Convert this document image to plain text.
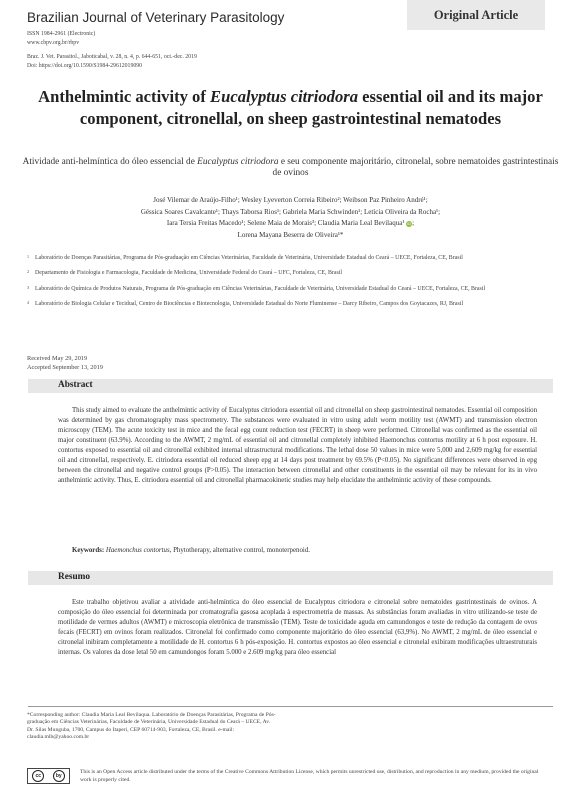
Brazilian Journal of Veterinary Parasitology	Original Article
ISSN 1984-2961 (Electronic)
www.cbpv.org.br/rbpv
Braz. J. Vet. Parasitol., Jaboticabal, v. 28, n. 4, p. 644-651, oct.-dec. 2019
Doi: https://doi.org/10.1590/S1984-29612019090
Anthelmintic activity of Eucalyptus citriodora essential oil and its major component, citronellal, on sheep gastrointestinal nematodes
Atividade anti-helmíntica do óleo essencial de Eucalyptus citriodora e seu componente majoritário, citronelal, sobre nematoides gastrintestinais de ovinos
José Vilemar de Araújo-Filho¹; Wesley Lyeverton Correia Ribeiro²; Weibson Paz Pinheiro André¹;
Géssica Soares Cavalcante¹; Thays Taborsa Rios¹; Gabriela Maria Schwinden¹; Letícia Oliveira da Rocha¹;
Iara Tersia Freitas Macedo¹; Selene Maia de Morais³; Claudia Maria Leal Bevilaqua¹ iD;
Lorena Mayana Beserra de Oliveira¹*
1 Laboratório de Doenças Parasitárias, Programa de Pós-graduação em Ciências Veterinárias, Faculdade de Veterinária, Universidade Estadual do Ceará – UECE, Fortaleza, CE, Brasil
2 Departamento de Fisiologia e Farmacologia, Faculdade de Medicina, Universidade Federal do Ceará – UFC, Fortaleza, CE, Brasil
3 Laboratório de Química de Produtos Naturais, Programa de Pós-graduação em Ciências Veterinárias, Faculdade de Veterinária, Universidade Estadual do Ceará – UECE, Fortaleza, CE, Brasil
4 Laboratório de Biologia Celular e Tecidual, Centro de Biociências e Biotecnologia, Universidade Estadual do Norte Fluminense – Darcy Ribeiro, Campos dos Goytacazes, RJ, Brasil
Received May 29, 2019
Accepted September 13, 2019
Abstract
This study aimed to evaluate the anthelmintic activity of Eucalyptus citriodora essential oil and citronellal on sheep gastrointestinal nematodes. Essential oil composition was determined by gas chromatography mass spectrometry. The substances were evaluated in vitro using adult worm motility test (AWMT) and transmission electron microscopy (TEM). The acute toxicity test in mice and the fecal egg count reduction test (FECRT) in sheep were performed. Citronellal was confirmed as the essential oil major constituent (63.9%). According to the AWMT, 2 mg/mL of essential oil and citronellal completely inhibited Haemonchus contortus motility at 6 h post exposure. H. contortus exposed to essential oil and citronellal exhibited internal ultrastructural modifications. The lethal dose 50 values in mice were 5,000 and 2,609 mg/kg for essential oil and citronellal, respectively. E. citriodora essential oil reduced sheep epg at 14 days post treatment by 69.5% (P<0.05). No significant differences were observed in epg between the citronellal and negative control groups (P>0.05). The interaction between citronellal and other constituents in the essential oil may be relevant for its in vivo anthelmintic activity. Thus, E. citriodora essential oil and citronellal pharmacokinetic studies may help elucidate the anthelmintic activity of these compounds.
Keywords: Haemonchus contortus, Phytotherapy, alternative control, monoterpenoid.
Resumo
Este trabalho objetivou avaliar a atividade anti-helmíntica do óleo essencial de Eucalyptus citriodora e citronelal sobre nematoides gastrintestinais de ovinos. A composição do óleo essencial foi determinada por cromatografia gasosa acoplada à espectrometria de massas. As substâncias foram avaliadas in vitro utilizando-se teste de motilidade de vermes adultos (AWMT) e microscopia eletrônica de transmissão (TEM). Teste de toxicidade aguda em camundongos e teste de redução da contagem de ovos fecais (FECRT) em ovinos foram realizados. Citronelal foi confirmado como componente majoritário do óleo essencial (63,9%). No AWMT, 2 mg/mL de óleo essencial e citronelal inibiram completamente a motilidade de H. contortus 6 h pós-exposição. H. contortus expostos ao óleo essencial e citronelal exibiram modificações ultraestruturais internas. Os valores da dose letal 50 em camundongos foram 5.000 e 2.609 mg/kg para óleo essencial
*Corresponding author: Claudia Maria Leal Bevilaqua. Laboratório de Doenças Parasitárias, Programa de Pós-graduação em Ciências Veterinárias, Faculdade de Veterinária, Universidade Estadual do Ceará – UECE, Av. Dr. Silas Munguba, 1700, Campus do Itaperi, CEP 60714-903, Fortaleza, CE, Brasil. e-mail: claudia.mlb@yahoo.com.br
cc	by
This is an Open Access article distributed under the terms of the Creative Commons Attribution License, which permits unrestricted use, distribution, and reproduction in any medium, provided the original work is properly cited.
